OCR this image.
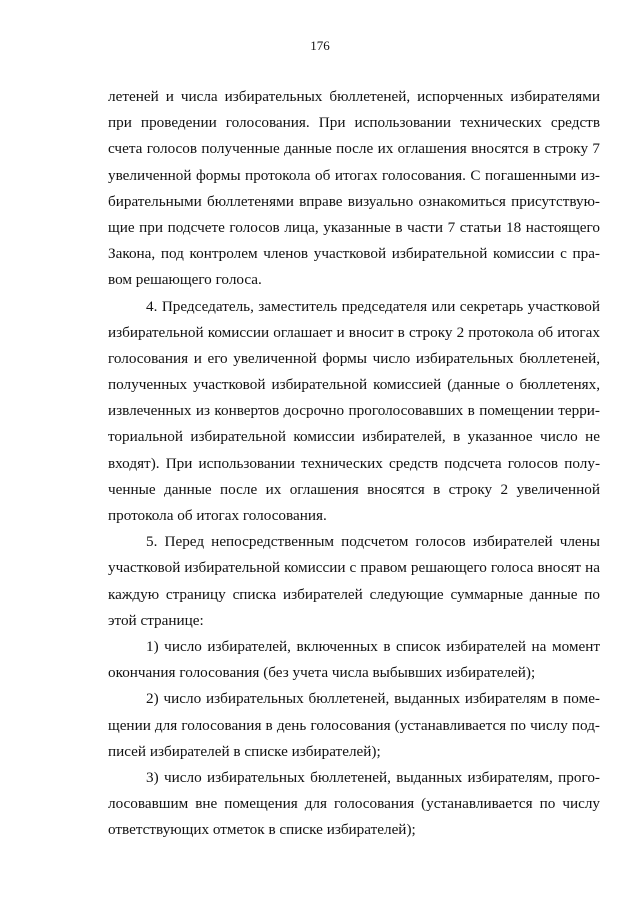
176
летеней и числа избирательных бюллетеней, испорченных избирателями
при проведении голосования. При использовании технических средств
счета голосов полученные данные после их оглашения вносятся в строку 7
увеличенной формы протокола об итогах голосования. С погашенными из-
бирательными бюллетенями вправе визуально ознакомиться присутствую-
щие при подсчете голосов лица, указанные в части 7 статьи 18 настоящего
Закона, под контролем членов участковой избирательной комиссии с пра-
вом решающего голоса.
4. Председатель, заместитель председателя или секретарь участковой
избирательной комиссии оглашает и вносит в строку 2 протокола об итогах
голосования и его увеличенной формы число избирательных бюллетеней,
полученных участковой избирательной комиссией (данные о бюллетенях,
извлеченных из конвертов досрочно проголосовавших в помещении терри-
ториальной избирательной комиссии избирателей, в указанное число не
входят). При использовании технических средств подсчета голосов полу-
ченные данные после их оглашения вносятся в строку 2 увеличенной
протокола об итогах голосования.
5. Перед непосредственным подсчетом голосов избирателей члены
участковой избирательной комиссии с правом решающего голоса вносят на
каждую страницу списка избирателей следующие суммарные данные по
этой странице:
1) число избирателей, включенных в список избирателей на момент
окончания голосования (без учета числа выбывших избирателей);
2) число избирательных бюллетеней, выданных избирателям в поме-
щении для голосования в день голосования (устанавливается по числу под-
писей избирателей в списке избирателей);
3) число избирательных бюллетеней, выданных избирателям, прого-
лосовавшим вне помещения для голосования (устанавливается по числу
ответствующих отметок в списке избирателей);
